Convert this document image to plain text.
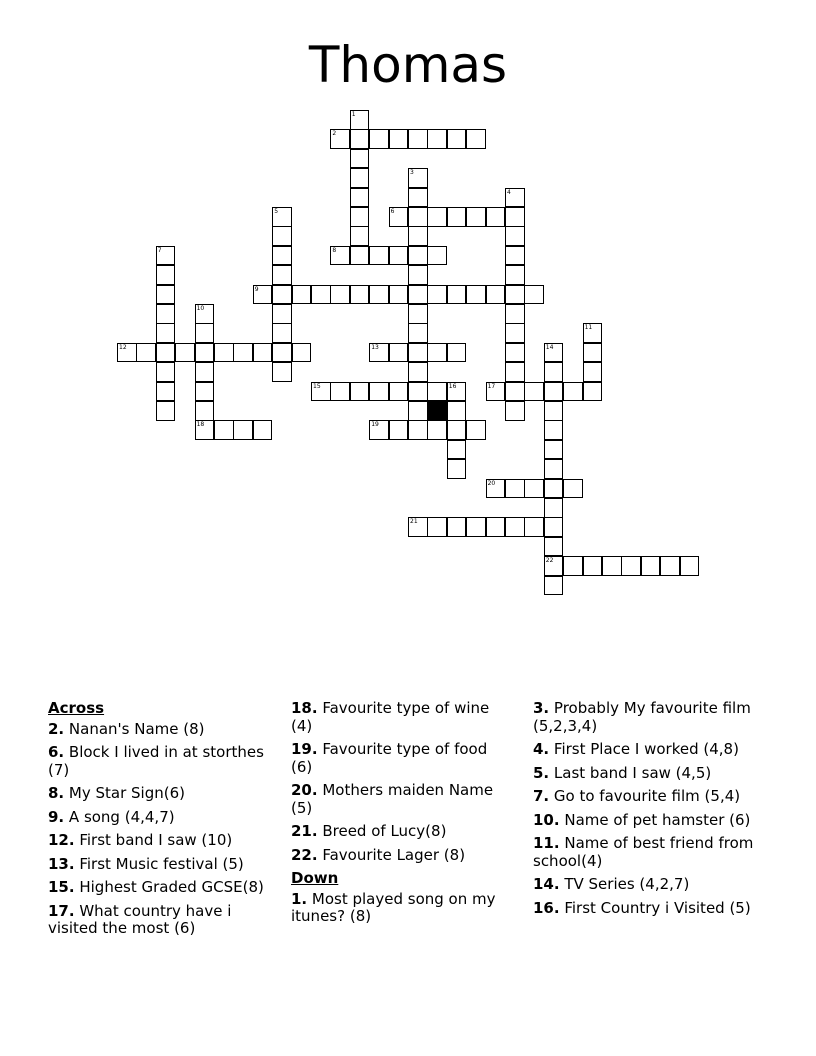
Thomas
1
2
3
4
5	6
7	8
9
10
11
12	13	14
22
15	16	17
18	19
20
21
Across
2. Nanan's Name (8)
6. Block I lived in at storthes (7)
8. My Star Sign(6)
9. A song (4,4,7)
12. First band I saw (10)
13. First Music festival (5)
15. Highest Graded GCSE(8)
17. What country have i visited the most (6)
18. Favourite type of wine (4)
19. Favourite type of food (6)
20. Mothers maiden Name (5)
21. Breed of Lucy(8)
22. Favourite Lager (8)
Down
1. Most played song on my itunes? (8)
3. Probably My favourite film (5,2,3,4)
4. First Place I worked (4,8)
5. Last band I saw (4,5)
7. Go to favourite film (5,4)
10. Name of pet hamster (6)
11. Name of best friend from school(4)
14. TV Series (4,2,7)
16. First Country i Visited (5)
